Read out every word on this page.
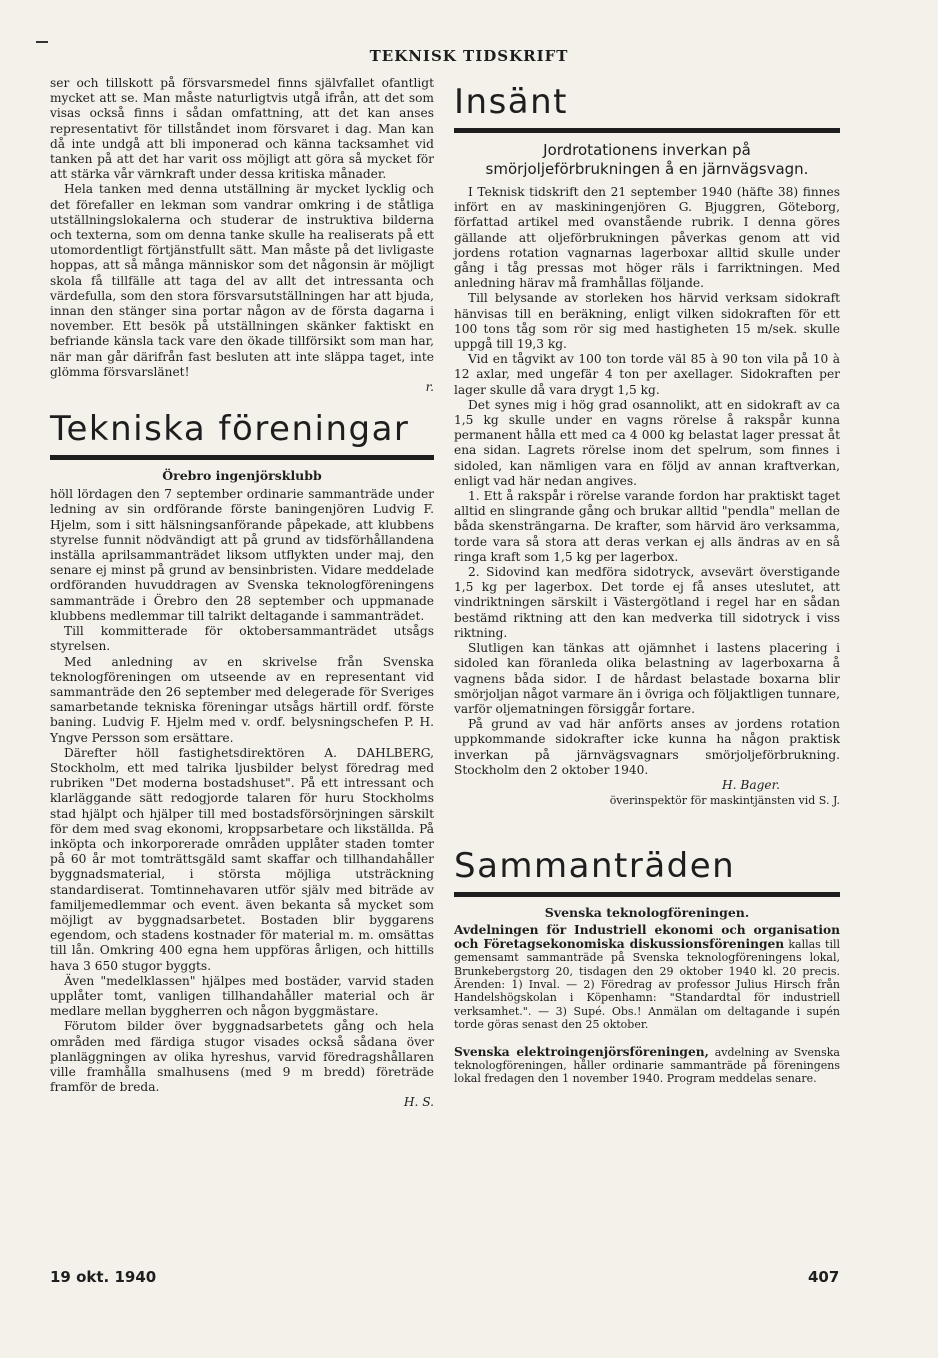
TEKNISK TIDSKRIFT

ser och tillskott på försvarsmedel finns självfallet ofantligt mycket att se. Man måste naturligtvis utgå ifrån, att det som visas också finns i sådan omfattning, att det kan anses representativt för tillståndet inom försvaret i dag. Man kan då inte undgå att bli imponerad och känna tacksamhet vid tanken på att det har varit oss möjligt att göra så mycket för att stärka vår värnkraft under dessa kritiska månader.

Hela tanken med denna utställning är mycket lycklig och det förefaller en lekman som vandrar omkring i de ståtliga utställningslokalerna och studerar de instruktiva bilderna och texterna, som om denna tanke skulle ha realiserats på ett utomordentligt förtjänstfullt sätt. Man måste på det livligaste hoppas, att så många människor som det någonsin är möjligt skola få tillfälle att taga del av allt det intressanta och värdefulla, som den stora försvarsutställningen har att bjuda, innan den stänger sina portar någon av de första dagarna i november. Ett besök på utställningen skänker faktiskt en befriande känsla tack vare den ökade tillförsikt som man har, när man går därifrån fast besluten att inte släppa taget, inte glömma försvarslänet!

r.

Tekniska föreningar
Örebro ingenjörsklubb

höll lördagen den 7 september ordinarie sammanträde under ledning av sin ordförande förste baningenjören Ludvig F. Hjelm, som i sitt hälsningsanförande påpekade, att klubbens styrelse funnit nödvändigt att på grund av tidsförhållandena inställa aprilsammanträdet liksom utflykten under maj, den senare ej minst på grund av bensinbristen. Vidare meddelade ordföranden huvuddragen av Svenska teknologföreningens sammanträde i Örebro den 28 september och uppmanade klubbens medlemmar till talrikt deltagande i sammanträdet.

Till kommitterade för oktobersammanträdet utsågs styrelsen.

Med anledning av en skrivelse från Svenska teknologföreningen om utseende av en representant vid sammanträde den 26 september med delegerade för Sveriges samarbetande tekniska föreningar utsågs härtill ordf. förste baning. Ludvig F. Hjelm med v. ordf. belysningschefen P. H. Yngve Persson som ersättare.

Därefter höll fastighetsdirektören A. DAHLBERG, Stockholm, ett med talrika ljusbilder belyst föredrag med rubriken "Det moderna bostadshuset". På ett intressant och klarläggande sätt redogjorde talaren för huru Stockholms stad hjälpt och hjälper till med bostadsförsörjningen särskilt för dem med svag ekonomi, kroppsarbetare och likställda. På inköpta och inkorporerade områden upplåter staden tomter på 60 år mot tomträttsgäld samt skaffar och tillhandahåller byggnadsmaterial, i största möjliga utsträckning standardiserat. Tomtinnehavaren utför själv med biträde av familjemedlemmar och event. även bekanta så mycket som möjligt av byggnadsarbetet. Bostaden blir byggarens egendom, och stadens kostnader för material m. m. omsättas till lån. Omkring 400 egna hem uppföras årligen, och hittills hava 3 650 stugor byggts.

Även "medelklassen" hjälpes med bostäder, varvid staden upplåter tomt, vanligen tillhandahåller material och är medlare mellan byggherren och någon byggmästare.

Förutom bilder över byggnadsarbetets gång och hela områden med färdiga stugor visades också sådana över planläggningen av olika hyreshus, varvid föredragshållaren ville framhålla smalhusens (med 9 m bredd) företräde framför de breda.

H. S.

Insänt
Jordrotationens inverkan på smörjoljeförbrukningen å en järnvägsvagn.

I Teknisk tidskrift den 21 september 1940 (häfte 38) finnes infört en av maskiningenjören G. Bjuggren, Göteborg, författad artikel med ovanstående rubrik. I denna göres gällande att oljeförbrukningen påverkas genom att vid jordens rotation vagnarnas lagerboxar alltid skulle under gång i tåg pressas mot höger räls i farriktningen. Med anledning härav må framhållas följande.

Till belysande av storleken hos härvid verksam sidokraft hänvisas till en beräkning, enligt vilken sidokraften för ett 100 tons tåg som rör sig med hastigheten 15 m/sek. skulle uppgå till 19,3 kg.

Vid en tågvikt av 100 ton torde väl 85 à 90 ton vila på 10 à 12 axlar, med ungefär 4 ton per axellager. Sidokraften per lager skulle då vara drygt 1,5 kg.

Det synes mig i hög grad osannolikt, att en sidokraft av ca 1,5 kg skulle under en vagns rörelse å rakspår kunna permanent hålla ett med ca 4 000 kg belastat lager pressat åt ena sidan. Lagrets rörelse inom det spelrum, som finnes i sidoled, kan nämligen vara en följd av annan kraftverkan, enligt vad här nedan angives.

1. Ett å rakspår i rörelse varande fordon har praktiskt taget alltid en slingrande gång och brukar alltid "pendla" mellan de båda skensträngarna. De krafter, som härvid äro verksamma, torde vara så stora att deras verkan ej alls ändras av en så ringa kraft som 1,5 kg per lagerbox.

2. Sidovind kan medföra sidotryck, avsevärt överstigande 1,5 kg per lagerbox. Det torde ej få anses uteslutet, att vindriktningen särskilt i Västergötland i regel har en sådan bestämd riktning att den kan medverka till sidotryck i viss riktning.

Slutligen kan tänkas att ojämnhet i lastens placering i sidoled kan föranleda olika belastning av lagerboxarna å vagnens båda sidor. I de hårdast belastade boxarna blir smörjoljan något varmare än i övriga och följaktligen tunnare, varför oljematningen försiggår fortare.

På grund av vad här anförts anses av jordens rotation uppkommande sidokrafter icke kunna ha någon praktisk inverkan på järnvägsvagnars smörjoljeförbrukning. Stockholm den 2 oktober 1940.

H. Bager.

överinspektör för maskintjänsten vid S. J.

Sammanträden
Svenska teknologföreningen.

Avdelningen för Industriell ekonomi och organisation och Företagsekonomiska diskussionsföreningen kallas till gemensamt sammanträde på Svenska teknologföreningens lokal, Brunkebergstorg 20, tisdagen den 29 oktober 1940 kl. 20 precis. Ärenden: 1) Inval. — 2) Föredrag av professor Julius Hirsch från Handelshögskolan i Köpenhamn: "Standardtal för industriell verksamhet.". — 3) Supé. Obs.! Anmälan om deltagande i supén torde göras senast den 25 oktober.

Svenska elektroingenjörsföreningen, avdelning av Svenska teknologföreningen, håller ordinarie sammanträde på föreningens lokal fredagen den 1 november 1940. Program meddelas senare.

19 okt. 1940	407
